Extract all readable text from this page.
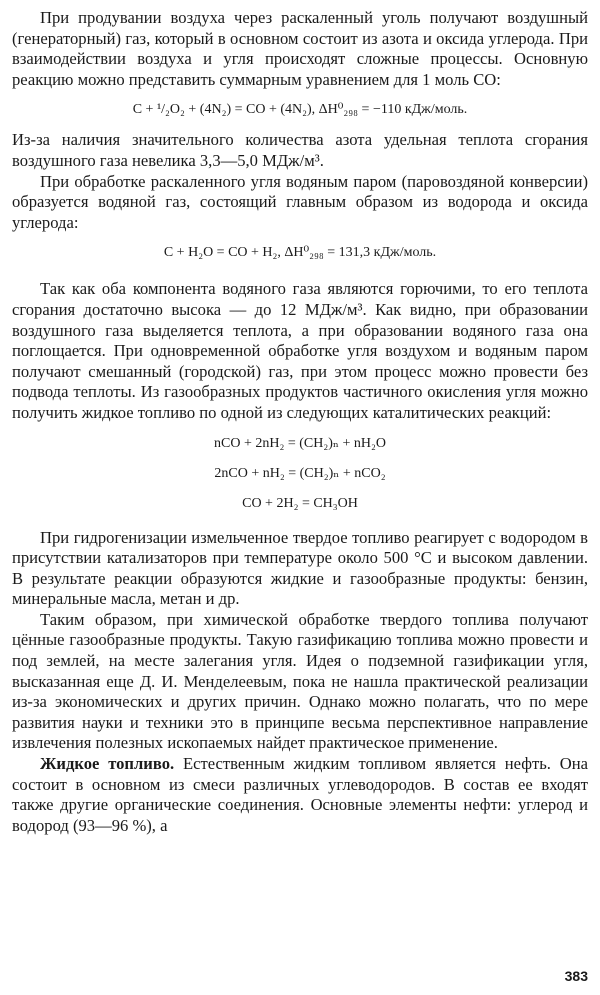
При продувании воздуха через раскаленный уголь получают воздушный (генераторный) газ, который в основном состоит из азота и оксида углерода. При взаимодействии воздуха и угля происходят сложные процессы. Основную реакцию можно представить суммарным уравнением для 1 моль CO:

C + ¹/₂O₂ + (4N₂) = CO + (4N₂), ΔH⁰₂₉₈ = −110 кДж/моль.

Из-за наличия значительного количества азота удельная теплота сгорания воздушного газа невелика 3,3—5,0 МДж/м³.

При обработке раскаленного угля водяным паром (паровоздяной конверсии) образуется водяной газ, состоящий главным образом из водорода и оксида углерода:

C + H₂O = CO + H₂, ΔH⁰₂₉₈ = 131,3 кДж/моль.

Так как оба компонента водяного газа являются горючими, то его теплота сгорания достаточно высока — до 12 МДж/м³. Как видно, при образовании воздушного газа выделяется теплота, а при образовании водяного газа она поглощается. При одновременной обработке угля воздухом и водяным паром получают смешанный (городской) газ, при этом процесс можно провести без подвода теплоты. Из газообразных продуктов частичного окисления угля можно получить жидкое топливо по одной из следующих каталитических реакций:

nCO + 2nH₂ = (CH₂)ₙ + nH₂O

2nCO + nH₂ = (CH₂)ₙ + nCO₂

CO + 2H₂ = CH₃OH

При гидрогенизации измельченное твердое топливо реагирует с водородом в присутствии катализаторов при температуре около 500 °C и высоком давлении. В результате реакции образуются жидкие и газообразные продукты: бензин, минеральные масла, метан и др.

Таким образом, при химической обработке твердого топлива получают цённые газообразные продукты. Такую газификацию топлива можно провести и под землей, на месте залегания угля. Идея о подземной газификации угля, высказанная еще Д. И. Менделеевым, пока не нашла практической реализации из-за экономических и других причин. Однако можно полагать, что по мере развития науки и техники это в принципе весьма перспективное направление извлечения полезных ископаемых найдет практическое применение.

Жидкое топливо. Естественным жидким топливом является нефть. Она состоит в основном из смеси различных углеводородов. В состав ее входят также другие органические соединения. Основные элементы нефти: углерод и водород (93—96 %), а

383
